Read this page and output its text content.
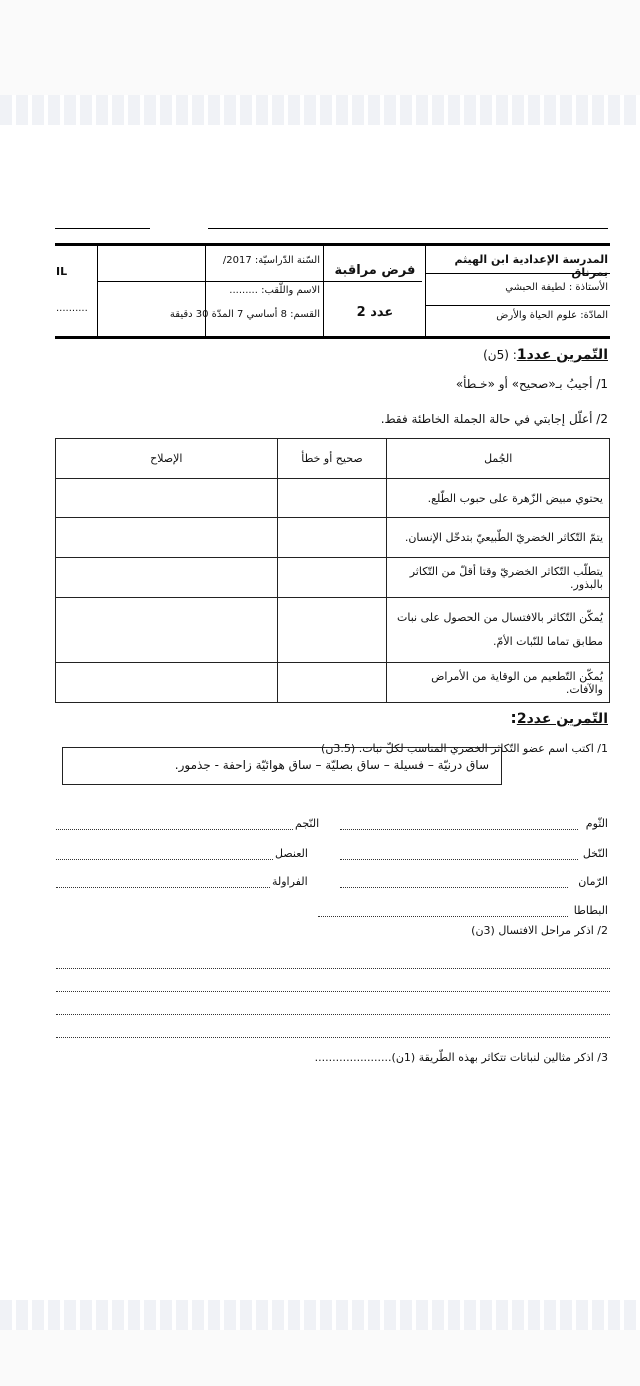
المدرسة الإعدادية ابن الهيثم بمرناق
الأستاذة : لطيفة الحبشي
المادّة: علوم الحياة والأرض
فرض مراقبة
عدد 2
السّنة الدّراسيّة: 2017/
الاسم واللّقب: .........
القسم: 8 أساسي 7 المدّة 30 دقيقة
IL
..........
التّمرين عدد1: (5ن)
1/ أجيبُ بـ«صحيح» أو «خـطأ»
2/ أعلّل إجابتي في حالة الجملة الخاطئة فقط.
الإصلاح	صحيح أو خطأ	الجُمل
		يحتوي مبيض الزّهرة على حبوب الطّلع.
		يتمّ التّكاثر الخضريّ الطّبيعيّ بتدخّل الإنسان.
		يتطلّب التّكاثر الخضريّ وقتا أقلّ من التّكاثر بالبذور.
		يُمكّن التّكاثر بالافتسال من الحصول على نبات مطابق تماما للنّبات الأمّ.
		يُمكّن التّطعيم من الوقاية من الأمراض والآفات.
التّمرين عدد2:
1/ اكتب اسم عضو التّكاثر الخضري المناسب لكلّ نبات. (3.5ن)
ساق درنيّة – فسيلة – ساق بصليّة – ساق هوائيّة زاحفة - جذمور.
الثّوم
النّجم
النّخل
العنصل
الرّمان
الفراولة
البطاطا
2/ اذكر مراحل الافتسال (3ن)
3/ اذكر مثالين لنباتات تتكاثر بهذه الطّريقة (1ن)......................
